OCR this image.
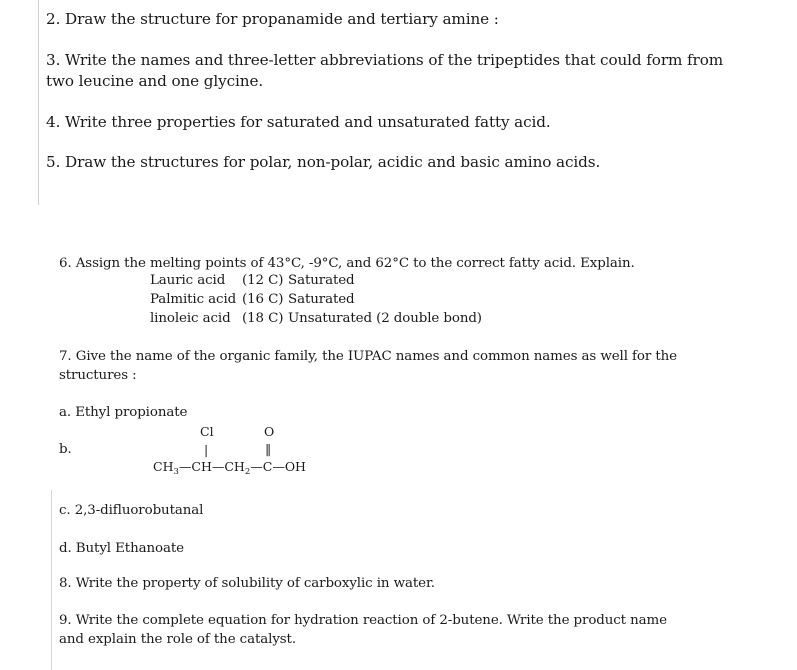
2. Draw the structure for propanamide and tertiary amine :
3. Write the names and three-letter abbreviations of the tripeptides that could form from
two leucine and one glycine.
4. Write three properties for saturated and unsaturated fatty acid.
5. Draw the structures for polar, non-polar, acidic and basic amino acids.
6. Assign the melting points of 43°C, -9°C, and 62°C to the correct fatty acid. Explain.
Lauric acid (12 C) Saturated
Palmitic acid (16 C) Saturated
linoleic acid (18 C) Unsaturated (2 double bond)
7. Give the name of the organic family, the IUPAC names and common names as well for the
structures :
a. Ethyl propionate
b.
Cl	O
|	‖
$CH_3—CH—CH_2—C—OH$
c. 2,3-difluorobutanal
d. Butyl Ethanoate
8. Write the property of solubility of carboxylic in water.
9. Write the complete equation for hydration reaction of 2-butene. Write the product name
and explain the role of the catalyst.
